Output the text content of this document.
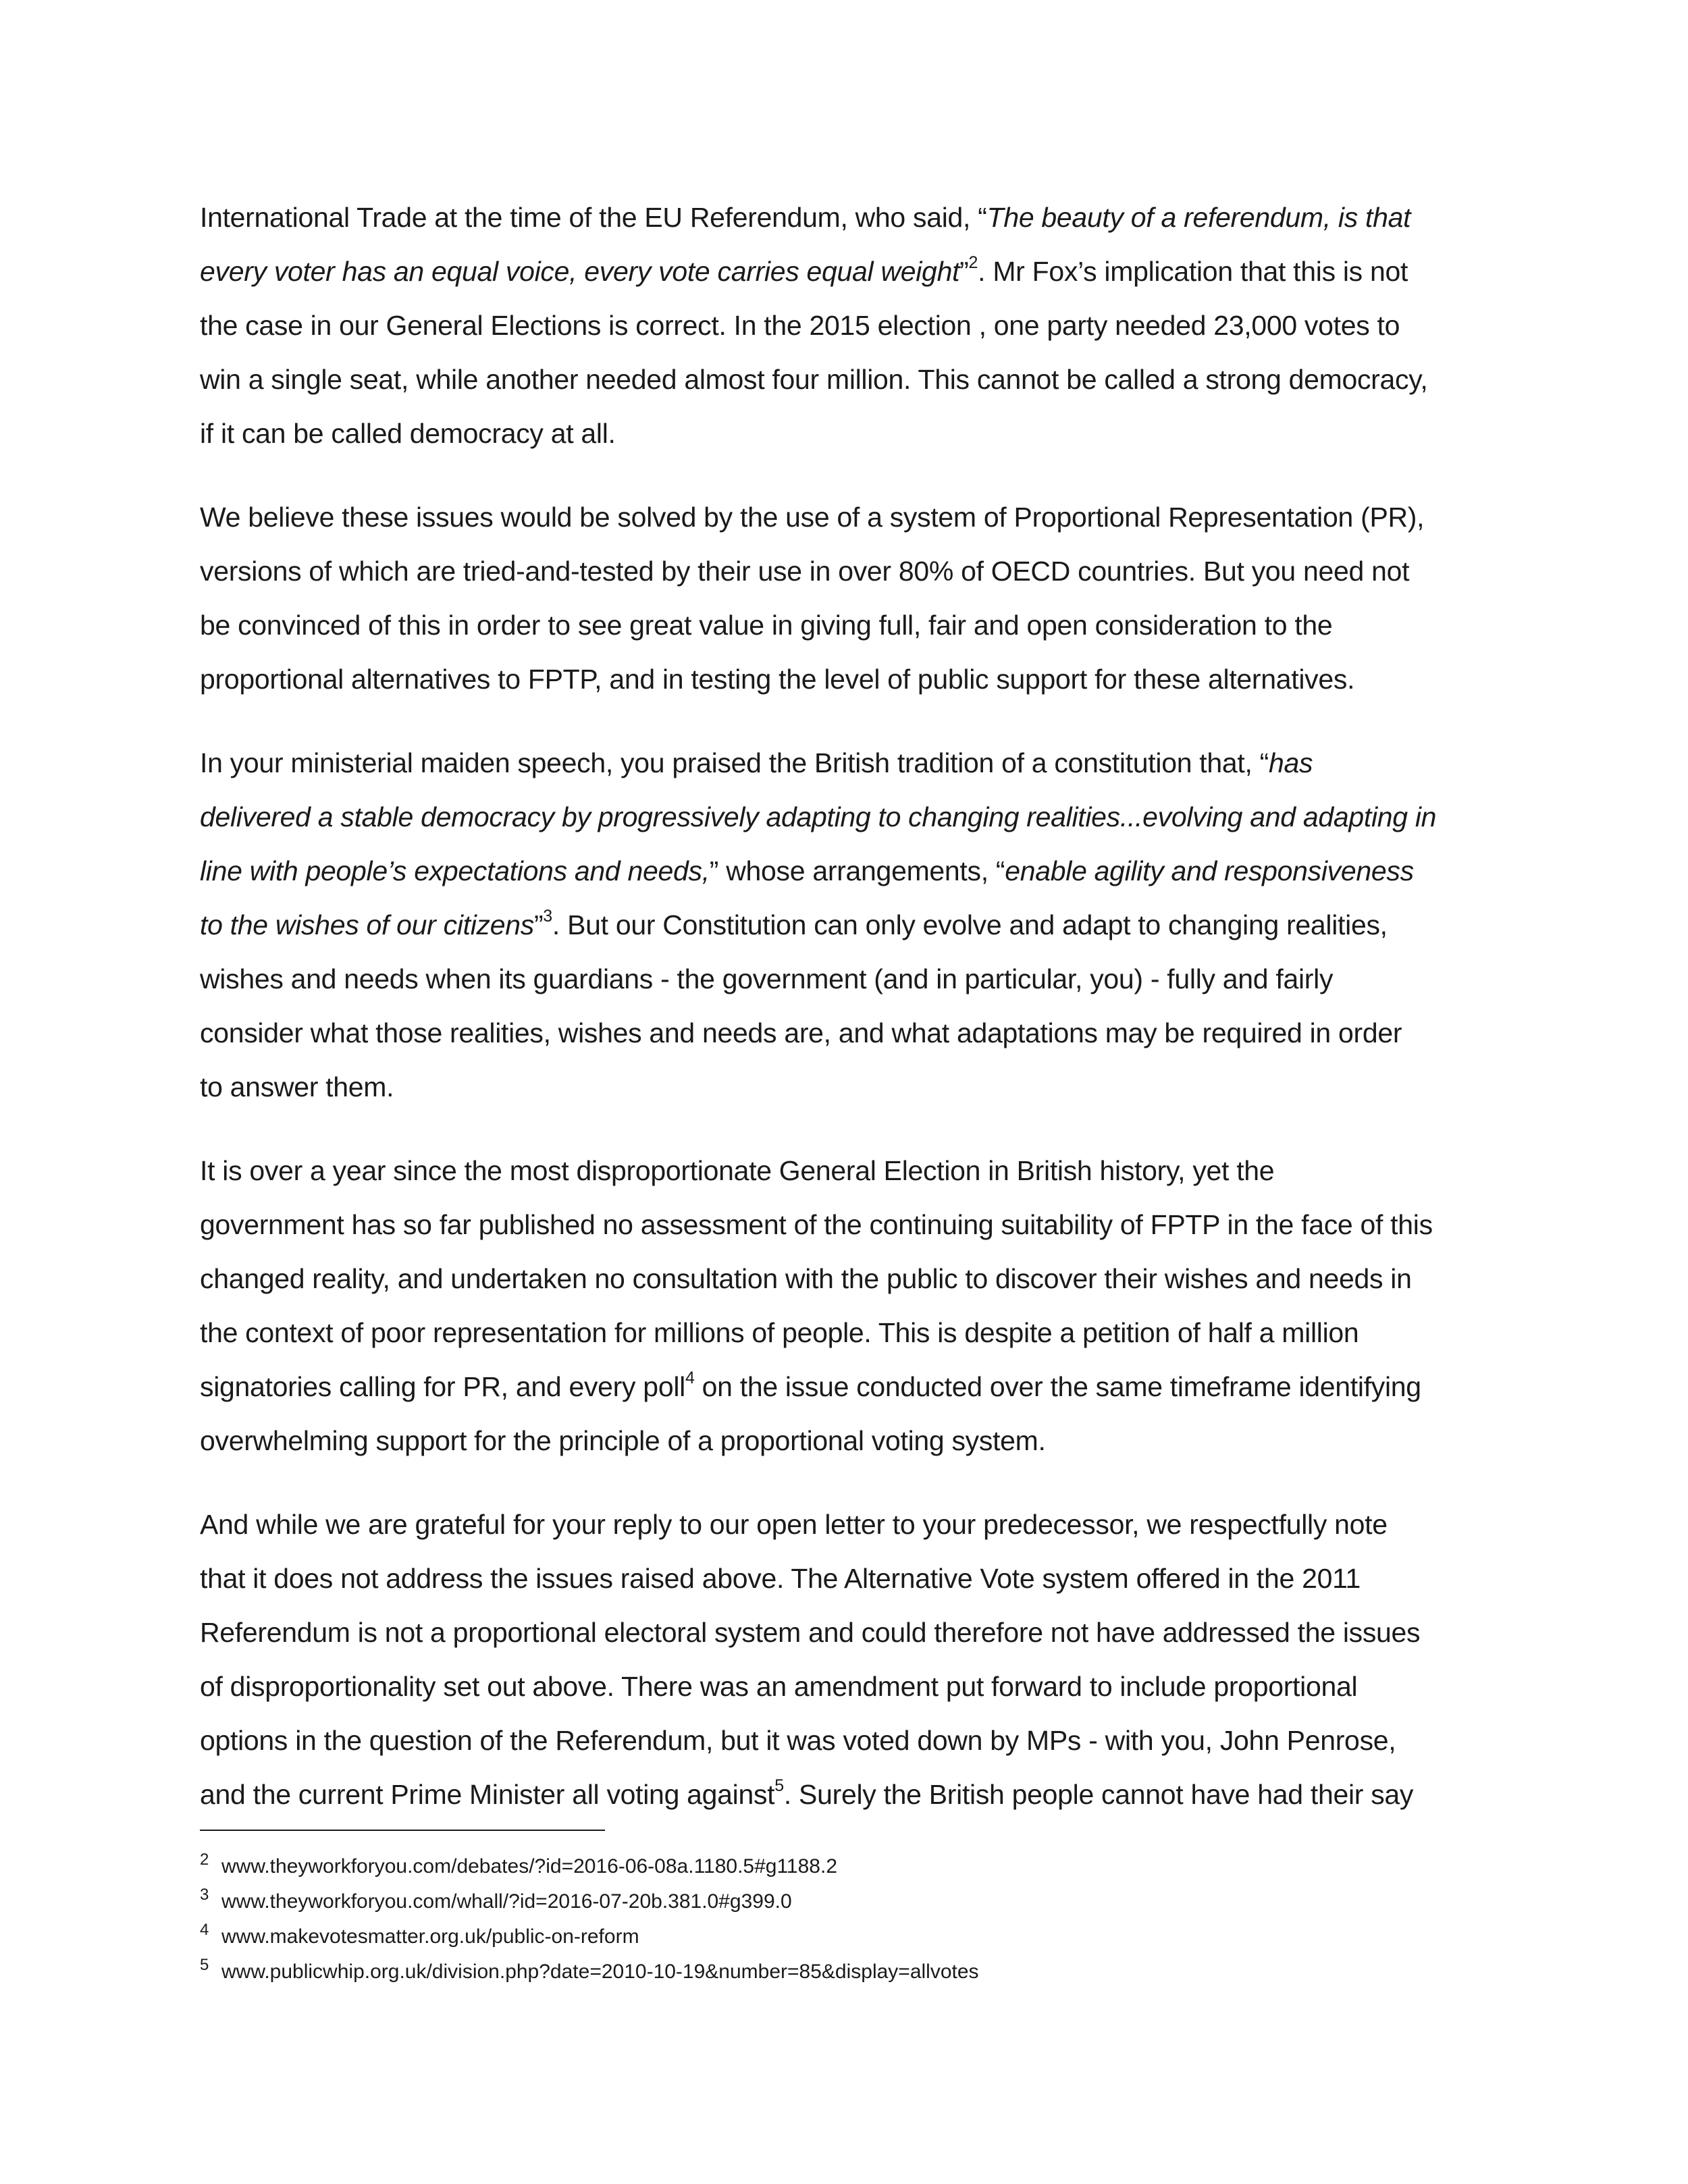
International Trade at the time of the EU Referendum, who said, “The beauty of a referendum, is that
every voter has an equal voice, every vote carries equal weight”$^2$. Mr Fox’s implication that this is not
the case in our General Elections is correct. In the 2015 election , one party needed 23,000 votes to
win a single seat, while another needed almost four million. This cannot be called a strong democracy,
if it can be called democracy at all.

We believe these issues would be solved by the use of a system of Proportional Representation (PR),
versions of which are tried-and-tested by their use in over 80% of OECD countries. But you need not
be convinced of this in order to see great value in giving full, fair and open consideration to the
proportional alternatives to FPTP, and in testing the level of public support for these alternatives.

In your ministerial maiden speech, you praised the British tradition of a constitution that, “has
delivered a stable democracy by progressively adapting to changing realities...evolving and adapting in
line with people’s expectations and needs,” whose arrangements, “enable agility and responsiveness
to the wishes of our citizens”$^3$. But our Constitution can only evolve and adapt to changing realities,
wishes and needs when its guardians - the government (and in particular, you) - fully and fairly
consider what those realities, wishes and needs are, and what adaptations may be required in order
to answer them.

It is over a year since the most disproportionate General Election in British history, yet the
government has so far published no assessment of the continuing suitability of FPTP in the face of this
changed reality, and undertaken no consultation with the public to discover their wishes and needs in
the context of poor representation for millions of people. This is despite a petition of half a million
signatories calling for PR, and every poll$^4$ on the issue conducted over the same timeframe identifying
overwhelming support for the principle of a proportional voting system.

And while we are grateful for your reply to our open letter to your predecessor, we respectfully note
that it does not address the issues raised above. The Alternative Vote system offered in the 2011
Referendum is not a proportional electoral system and could therefore not have addressed the issues
of disproportionality set out above. There was an amendment put forward to include proportional
options in the question of the Referendum, but it was voted down by MPs - with you, John Penrose,
and the current Prime Minister all voting against$^5$. Surely the British people cannot have had their say

2 www.theyworkforyou.com/debates/?id=2016-06-08a.1180.5#g1188.2
3 www.theyworkforyou.com/whall/?id=2016-07-20b.381.0#g399.0
4 www.makevotesmatter.org.uk/public-on-reform
5 www.publicwhip.org.uk/division.php?date=2010-10-19&number=85&display=allvotes
